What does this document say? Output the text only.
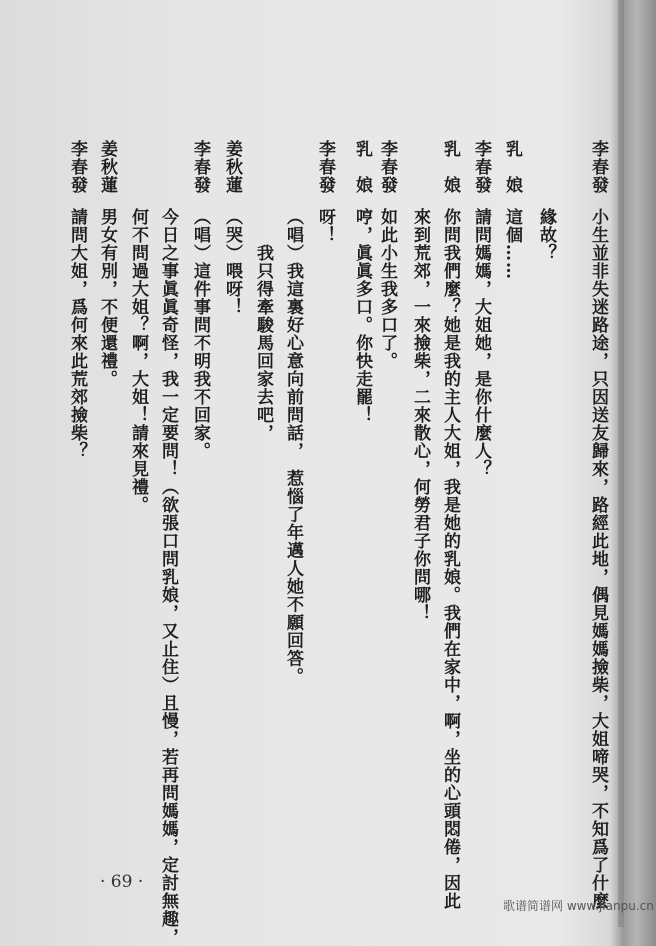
李春發
小生並非失迷路途，只因送友歸來，路經此地，偶見媽媽撿柴，大姐啼哭，不知爲了什麼
緣故？
乳　娘
這個……
李春發
請問媽媽，大姐她，是你什麼人？
乳　娘
你問我們麼？她是我的主人大姐，我是她的乳娘。我們在家中，啊，坐的心頭悶倦，因此
來到荒郊，一來撿柴，二來散心，何勞君子你問哪！
李春發
如此小生我多口了。
乳　娘
哼，眞眞多口。你快走罷！
李春發
呀！
（唱）我這裏好心意向前問話，　惹惱了年邁人她不願回答。
我只得牽駿馬回家去吧，
姜秋蓮
（哭）喂呀！
李春發
（唱）這件事問不明我不回家。
今日之事眞眞奇怪，我一定要問！（欲張口問乳娘，又止住）且慢，若再問媽媽，定討無趣，
何不問過大姐？啊，大姐！請來見禮。
姜秋蓮
男女有別，不便還禮。
李春發
請問大姐，爲何來此荒郊撿柴？
· 69 ·
歌谱简谱网 www.jianpu.cn
